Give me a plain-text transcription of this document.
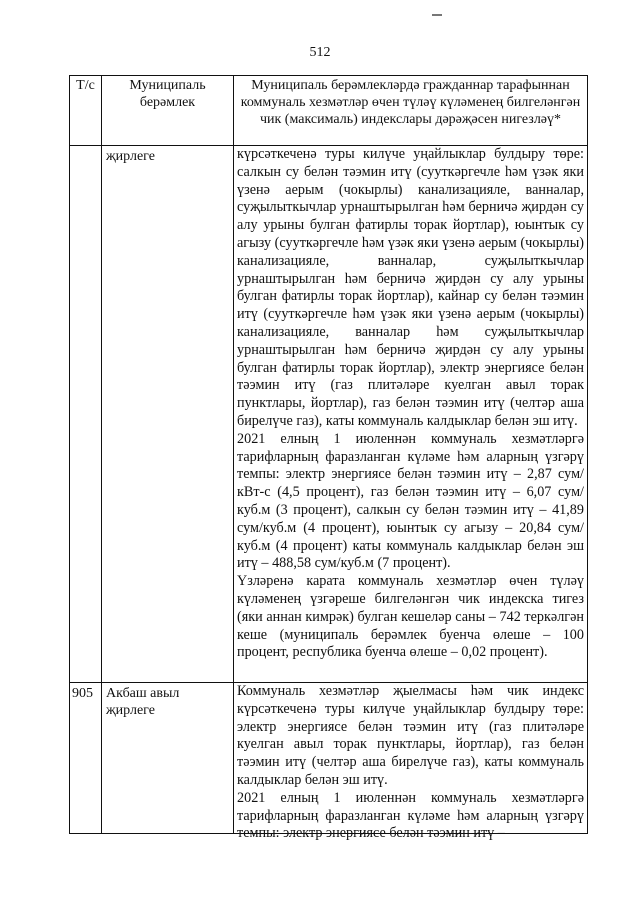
512
Т/с	Муниципаль берәмлек	Муниципаль берәмлекләрдә гражданнар тарафыннан коммуналь хезмәтләр өчен түләү күләменең билгеләнгән чик (максималь) индекслары дәрәҗәсен нигезләү*

	җирлеге	күрсәткеченә туры килүче уңайлыклар булдыру төре: салкын су белән тәэмин итү (сууткәргечле һәм үзәк яки үзенә аерым (чокырлы) канализацияле, ванналар, суҗылыткычлар урнаштырылган һәм берничә җирдән су алу урыны булган фатирлы торак йортлар), юынтык су агызу (сууткәргечле һәм үзәк яки үзенә аерым (чокырлы) канализацияле, ванналар, суҗылыткычлар урнаштырылган һәм берничә җирдән су алу урыны булган фатирлы торак йортлар), кайнар су белән тәэмин итү (сууткәргечле һәм үзәк яки үзенә аерым (чокырлы) канализацияле, ванналар һәм суҗылыткычлар урнаштырылган һәм берничә җирдән су алу урыны булган фатирлы торак йортлар), электр энергиясе белән тәэмин итү (газ плитәләре куелган авыл торак пунктлары, йортлар), газ белән тәэмин итү (челтәр аша бирелүче газ), каты коммуналь калдыклар белән эш итү.

2021 елның 1 июленнән коммуналь хезмәтләргә тарифларның фаразланган күләме һәм аларның үзгәрү темпы: электр энергиясе белән тәэмин итү – 2,87 сум/кВт-с (4,5 процент), газ белән тәэмин итү – 6,07 сум/куб.м (3 процент), салкын су белән тәэмин итү – 41,89 сум/куб.м (4 процент), юынтык су агызу – 20,84 сум/куб.м (4 процент) каты коммуналь калдыклар белән эш итү – 488,58 сум/куб.м (7 процент).

Үзләренә карата коммуналь хезмәтләр өчен түләү күләменең үзгәреше билгеләнгән чик индекска тигез (яки аннан кимрәк) булган кешеләр саны – 742 теркәлгән кеше (муниципаль берәмлек буенча өлеше – 100 процент, республика буенча өлеше – 0,02 процент).

905	Акбаш авыл җирлеге	Коммуналь хезмәтләр җыелмасы һәм чик индекс күрсәткеченә туры килүче уңайлыклар булдыру төре: электр энергиясе белән тәэмин итү (газ плитәләре куелган авыл торак пунктлары, йортлар), газ белән тәэмин итү (челтәр аша бирелүче газ), каты коммуналь калдыклар белән эш итү.

2021 елның 1 июленнән коммуналь хезмәтләргә тарифларның фаразланган күләме һәм аларның үзгәрү темпы: электр энергиясе белән тәэмин итү –
